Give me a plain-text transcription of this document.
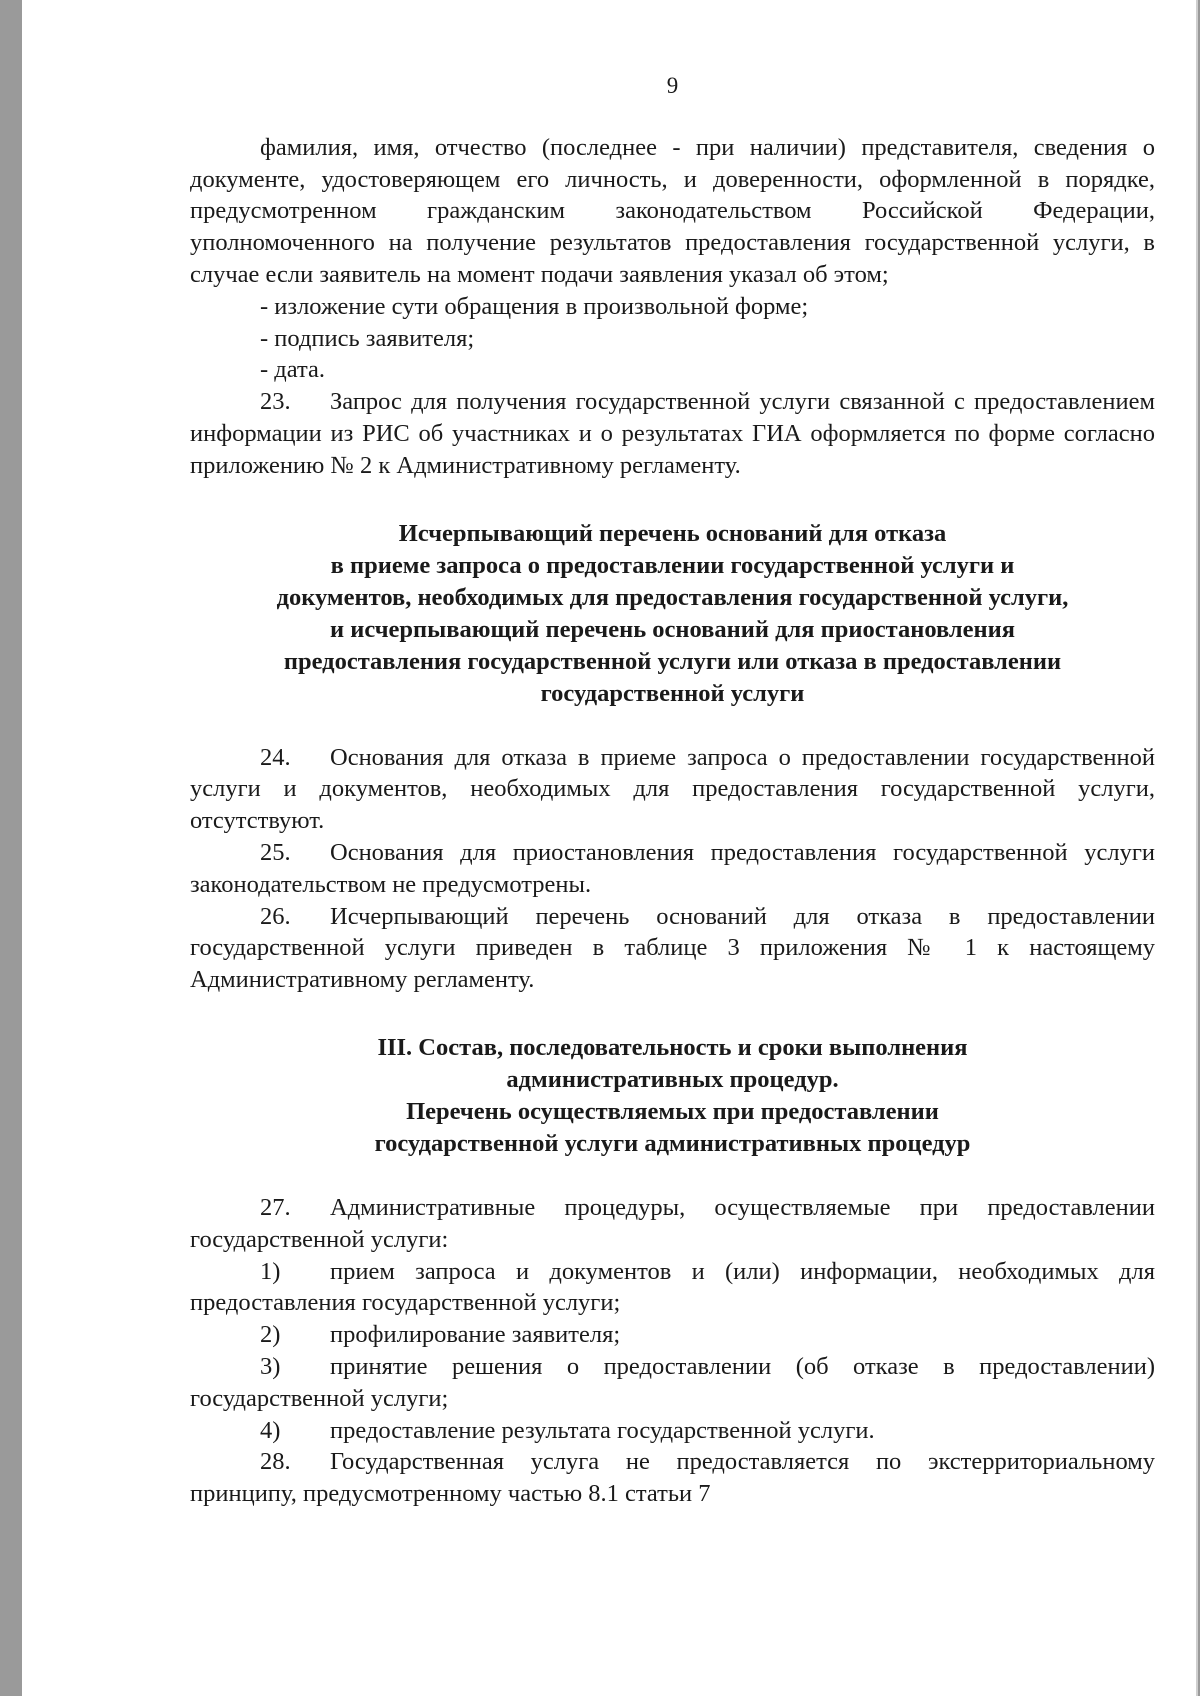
9

фамилия, имя, отчество (последнее - при наличии) представителя, сведения о документе, удостоверяющем его личность, и доверенности, оформленной в порядке, предусмотренном гражданским законодательством Российской Федерации, уполномоченного на получение результатов предоставления государственной услуги, в случае если заявитель на момент подачи заявления указал об этом;

- изложение сути обращения в произвольной форме;

- подпись заявителя;

- дата.

23. Запрос для получения государственной услуги связанной с предоставлением информации из РИС об участниках и о результатах ГИА оформляется по форме согласно приложению № 2 к Административному регламенту.

Исчерпывающий перечень оснований для отказа
в приеме запроса о предоставлении государственной услуги и
документов, необходимых для предоставления государственной услуги,
и исчерпывающий перечень оснований для приостановления
предоставления государственной услуги или отказа в предоставлении
государственной услуги

24. Основания для отказа в приеме запроса о предоставлении государственной услуги и документов, необходимых для предоставления государственной услуги, отсутствуют.

25. Основания для приостановления предоставления государственной услуги законодательством не предусмотрены.

26. Исчерпывающий перечень оснований для отказа в предоставлении государственной услуги приведен в таблице 3 приложения № 1 к настоящему Административному регламенту.

III. Состав, последовательность и сроки выполнения
административных процедур.
Перечень осуществляемых при предоставлении
государственной услуги административных процедур

27. Административные процедуры, осуществляемые при предоставлении государственной услуги:

1) прием запроса и документов и (или) информации, необходимых для предоставления государственной услуги;

2) профилирование заявителя;

3) принятие решения о предоставлении (об отказе в предоставлении) государственной услуги;

4) предоставление результата государственной услуги.

28. Государственная услуга не предоставляется по экстерриториальному принципу, предусмотренному частью 8.1 статьи 7
